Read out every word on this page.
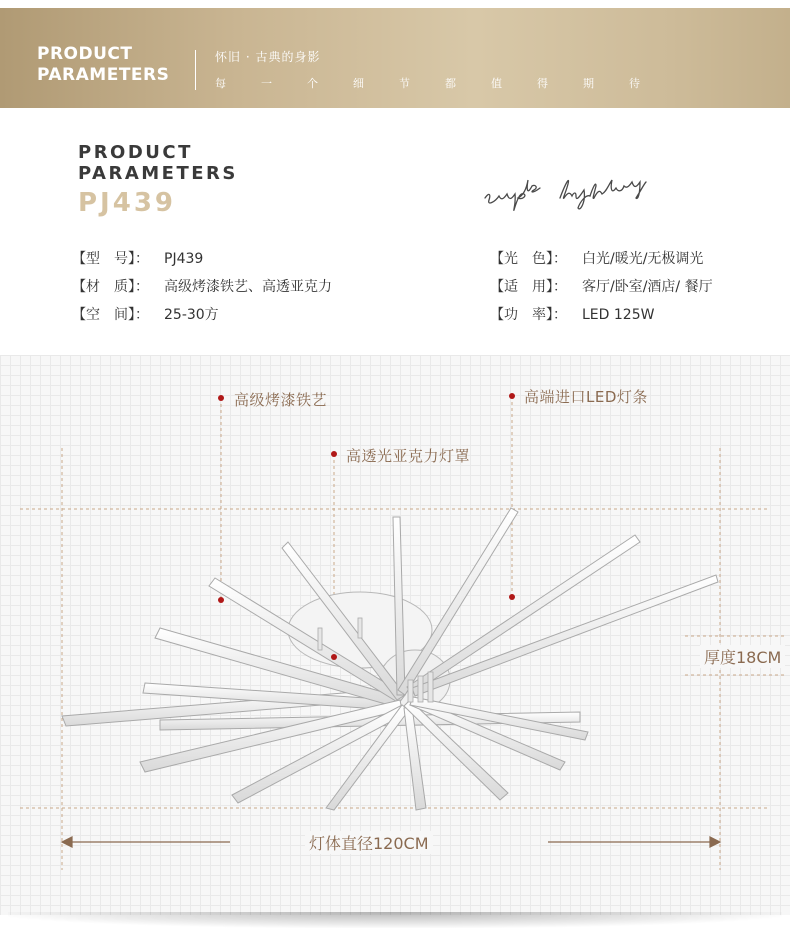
PRODUCT
PARAMETERS
怀旧 · 古典的身影
每	一	个	细	节	都	值	得	期	待
PRODUCT
PARAMETERS
PJ439
【型　号】： PJ439
【材　质】： 高级烤漆铁艺、高透亚克力
【空　间】： 25-30方
【光　色】： 白光/暖光/无极调光
【适　用】： 客厅/卧室/酒店/ 餐厅
【功　率】： LED 125W
高级烤漆铁艺	高端进口LED灯条
高透光亚克力灯罩
厚度18CM
灯体直径120CM
